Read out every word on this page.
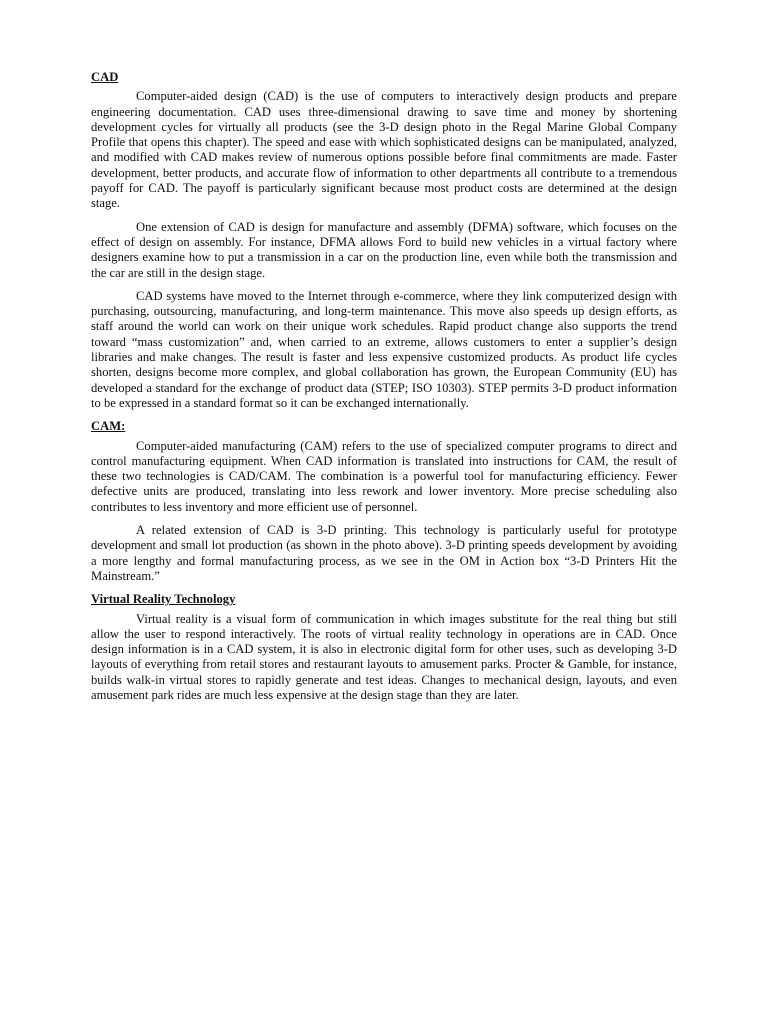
CAD

Computer-aided design (CAD) is the use of computers to interactively design products and prepare engineering documentation. CAD uses three-dimensional drawing to save time and money by shortening development cycles for virtually all products (see the 3-D design photo in the Regal Marine Global Company Profile that opens this chapter). The speed and ease with which sophisticated designs can be manipulated, analyzed, and modified with CAD makes review of numerous options possible before final commitments are made. Faster development, better products, and accurate flow of information to other departments all contribute to a tremendous payoff for CAD. The payoff is particularly significant because most product costs are determined at the design stage.

One extension of CAD is design for manufacture and assembly (DFMA) software, which focuses on the effect of design on assembly. For instance, DFMA allows Ford to build new vehicles in a virtual factory where designers examine how to put a transmission in a car on the production line, even while both the transmission and the car are still in the design stage.

CAD systems have moved to the Internet through e-commerce, where they link computerized design with purchasing, outsourcing, manufacturing, and long-term maintenance. This move also speeds up design efforts, as staff around the world can work on their unique work schedules. Rapid product change also supports the trend toward “mass customization” and, when carried to an extreme, allows customers to enter a supplier’s design libraries and make changes. The result is faster and less expensive customized products. As product life cycles shorten, designs become more complex, and global collaboration has grown, the European Community (EU) has developed a standard for the exchange of product data (STEP; ISO 10303). STEP permits 3-D product information to be expressed in a standard format so it can be exchanged internationally.

CAM:

Computer-aided manufacturing (CAM) refers to the use of specialized computer programs to direct and control manufacturing equipment. When CAD information is translated into instructions for CAM, the result of these two technologies is CAD/CAM. The combination is a powerful tool for manufacturing efficiency. Fewer defective units are produced, translating into less rework and lower inventory. More precise scheduling also contributes to less inventory and more efficient use of personnel.

A related extension of CAD is 3-D printing. This technology is particularly useful for prototype development and small lot production (as shown in the photo above). 3-D printing speeds development by avoiding a more lengthy and formal manufacturing process, as we see in the OM in Action box “3-D Printers Hit the Mainstream.”

Virtual Reality Technology

Virtual reality is a visual form of communication in which images substitute for the real thing but still allow the user to respond interactively. The roots of virtual reality technology in operations are in CAD. Once design information is in a CAD system, it is also in electronic digital form for other uses, such as developing 3-D layouts of everything from retail stores and restaurant layouts to amusement parks. Procter & Gamble, for instance, builds walk-in virtual stores to rapidly generate and test ideas. Changes to mechanical design, layouts, and even amusement park rides are much less expensive at the design stage than they are later.
